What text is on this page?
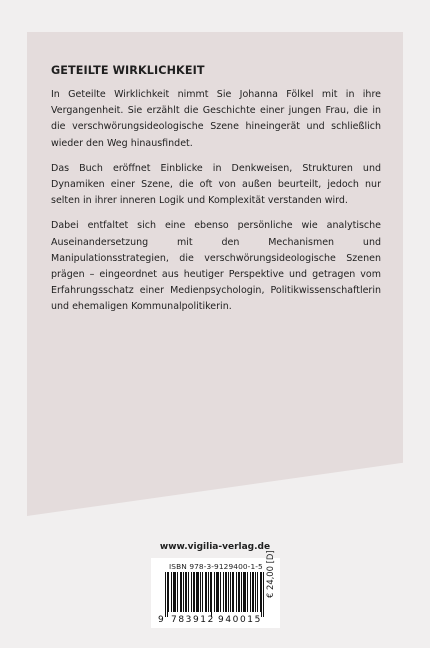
GETEILTE WIRKLICHKEIT

In Geteilte Wirklichkeit nimmt Sie Johanna Fölkel mit in ihre Vergangenheit. Sie erzählt die Geschichte einer jungen Frau, die in die verschwörungsideologische Szene hineingerät und schließlich wieder den Weg hinausfindet.

Das Buch eröffnet Einblicke in Denkweisen, Strukturen und Dynamiken einer Szene, die oft von außen beurteilt, jedoch nur selten in ihrer inneren Logik und Komplexität verstanden wird.

Dabei entfaltet sich eine ebenso persönliche wie analytische Auseinandersetzung mit den Mechanismen und Manipulationsstrategien, die verschwörungsideologische Szenen prägen – eingeordnet aus heutiger Perspektive und getragen vom Erfahrungsschatz einer Medienpsychologin, Politikwissenschaftlerin und ehemaligen Kommunalpolitikerin.

www.vigilia-verlag.de
ISBN 978-3-9129400-1-5
9 783912 940015
€ 24,00 [D]
